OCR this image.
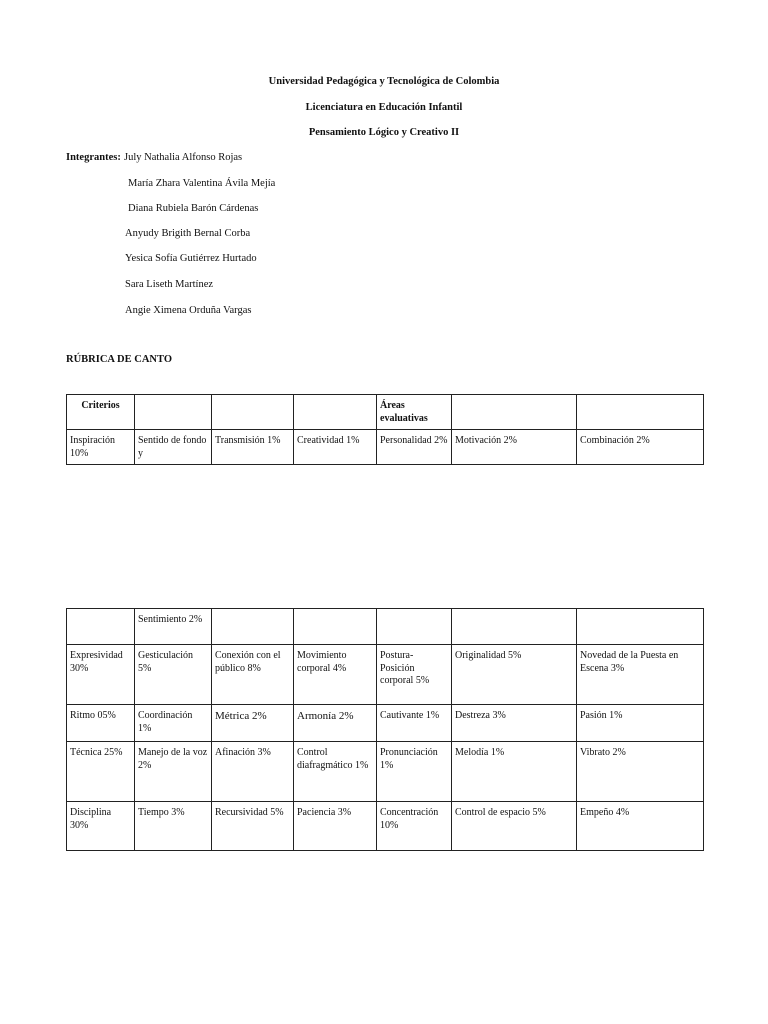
Universidad Pedagógica y Tecnológica de Colombia
Licenciatura en Educación Infantil
Pensamiento Lógico y Creativo II
Integrantes: July Nathalia Alfonso Rojas
María Zhara Valentina Ávila Mejía
Diana Rubiela Barón Cárdenas
Anyudy Brigith Bernal Corba
Yesica Sofía Gutiérrez Hurtado
Sara Liseth Martínez
Angie Ximena Orduña Vargas
RÚBRICA DE CANTO
Criterios				Áreas evaluativas		
Inspiración 10%	Sentido de fondo y	Transmisión 1%	Creatividad 1%	Personalidad 2%	Motivación 2%	Combinación 2%
	Sentimiento 2%					
Expresividad 30%	Gesticulación 5%	Conexión con el público 8%	Movimiento corporal 4%	Postura- Posición corporal 5%	Originalidad 5%	Novedad de la Puesta en Escena 3%
Ritmo 05%	Coordinación 1%	Métrica 2%	Armonía 2%	Cautivante 1%	Destreza 3%	Pasión 1%
Técnica 25%	Manejo de la voz 2%	Afinación 3%	Control diafragmático 1%	Pronunciación 1%	Melodía 1%	Vibrato 2%
Disciplina 30%	Tiempo 3%	Recursividad 5%	Paciencia 3%	Concentración 10%	Control de espacio 5%	Empeño 4%
